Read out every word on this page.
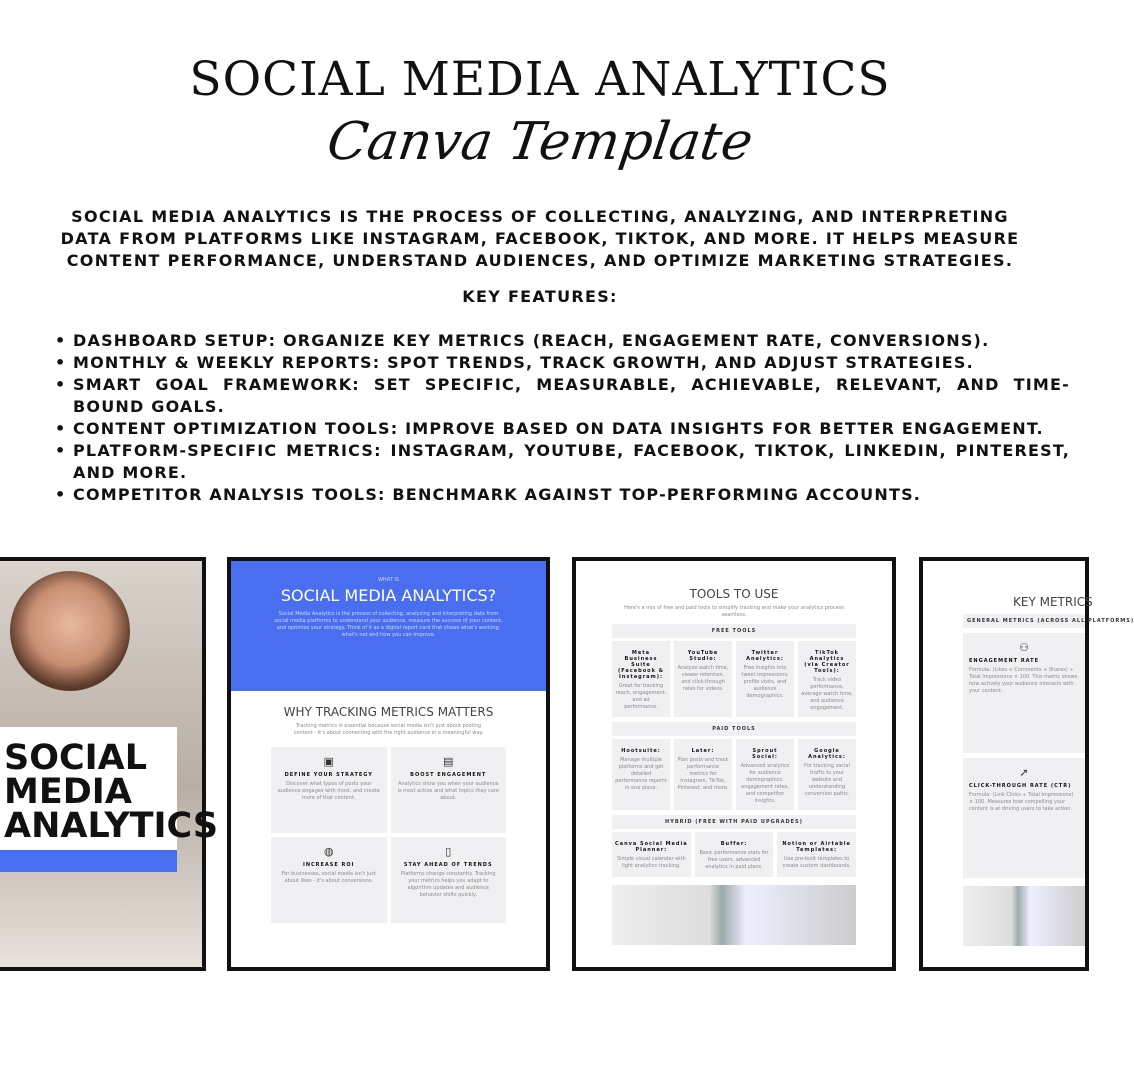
SOCIAL MEDIA ANALYTICS
Canva Template
SOCIAL MEDIA ANALYTICS IS THE PROCESS OF COLLECTING, ANALYZING, AND INTERPRETING DATA FROM PLATFORMS LIKE INSTAGRAM, FACEBOOK, TIKTOK, AND MORE. IT HELPS MEASURE CONTENT PERFORMANCE, UNDERSTAND AUDIENCES, AND OPTIMIZE MARKETING STRATEGIES.
KEY FEATURES:
• DASHBOARD SETUP: ORGANIZE KEY METRICS (REACH, ENGAGEMENT RATE, CONVERSIONS).
• MONTHLY & WEEKLY REPORTS: SPOT TRENDS, TRACK GROWTH, AND ADJUST STRATEGIES.
• SMART GOAL FRAMEWORK: SET SPECIFIC, MEASURABLE, ACHIEVABLE, RELEVANT, AND TIME-BOUND GOALS.
• CONTENT OPTIMIZATION TOOLS: IMPROVE BASED ON DATA INSIGHTS FOR BETTER ENGAGEMENT.
• PLATFORM-SPECIFIC METRICS: INSTAGRAM, YOUTUBE, FACEBOOK, TIKTOK, LINKEDIN, PINTEREST, AND MORE.
• COMPETITOR ANALYSIS TOOLS: BENCHMARK AGAINST TOP-PERFORMING ACCOUNTS.
SOCIAL MEDIA ANALYTICS
WHAT IS
SOCIAL MEDIA ANALYTICS?
Social Media Analytics is the process of collecting, analyzing and interpreting data from social media platforms to understand your audience, measure the success of your content, and optimize your strategy. Think of it as a digital report card that shows what's working, what's not and how you can improve.
WHY TRACKING METRICS MATTERS
Tracking metrics is essential because social media isn't just about posting content - it's about connecting with the right audience in a meaningful way.
▣
DEFINE YOUR STRATEGY
Discover what types of posts your audience engages with most, and create more of that content.
▤
BOOST ENGAGEMENT
Analytics show you when your audience is most active and what topics they care about.
◍
INCREASE ROI
For businesses, social media isn't just about likes - it's about conversions.
▯
STAY AHEAD OF TRENDS
Platforms change constantly. Tracking your metrics helps you adapt to algorithm updates and audience behavior shifts quickly.
TOOLS TO USE
Here's a mix of free and paid tools to simplify tracking and make your analytics process seamless.
FREE TOOLS
Meta Business Suite (Facebook & Instagram):
Great for tracking reach, engagement, and ad performance.
YouTube Studio:
Analyze watch time, viewer retention, and click-through rates for videos.
Twitter Analytics:
Free insights into tweet impressions, profile visits, and audience demographics.
TikTok Analytics (via Creator Tools):
Track video performance, average watch time, and audience engagement.
PAID TOOLS
Hootsuite:
Manage multiple platforms and get detailed performance reports in one place.
Later:
Plan posts and track performance metrics for Instagram, TikTok, Pinterest, and more.
Sprout Social:
Advanced analytics for audience demographics, engagement rates, and competitor insights.
Google Analytics:
For tracking social traffic to your website and understanding conversion paths.
HYBRID (FREE WITH PAID UPGRADES)
Canva Social Media Planner:
Simple visual calendar with light analytics tracking.
Buffer:
Basic performance stats for free users, advanced analytics in paid plans.
Notion or Airtable Templates:
Use pre-built templates to create custom dashboards.
KEY METRICS
GENERAL METRICS (ACROSS ALL PLATFORMS)
⚇
ENGAGEMENT RATE
Formula: (Likes + Comments + Shares) ÷ Total Impressions × 100. This metric shows how actively your audience interacts with your content.
➚
CLICK-THROUGH RATE (CTR)
Formula: (Link Clicks ÷ Total Impressions) × 100. Measures how compelling your content is at driving users to take action.
